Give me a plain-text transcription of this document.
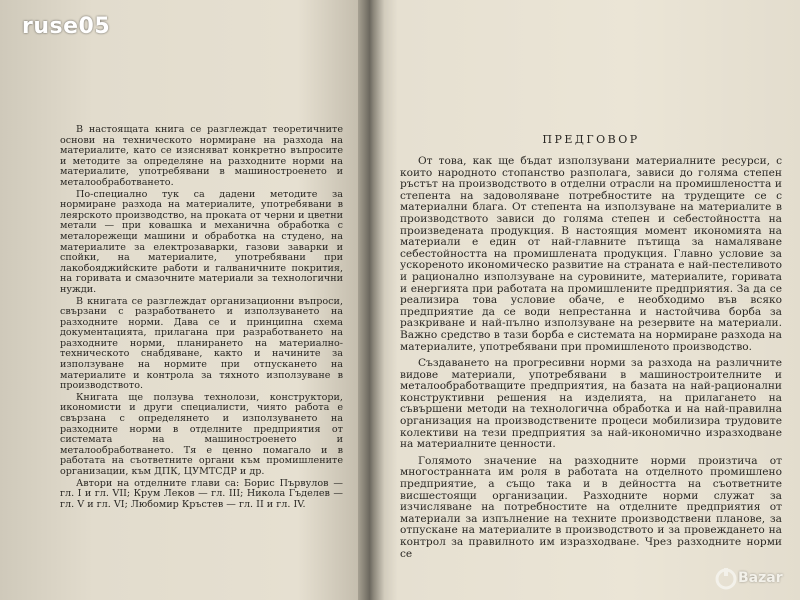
ruse05

В настоящата книга се разглеждат теоретичните основи на техническото нормиране на разхода на материалите, като се изясняват конкретно въпросите и методите за определяне на разходните норми на материалите, употребявани в машиностроенето и металообработването.

По-специално тук са дадени методите за нормиране разхода на материалите, употребявани в леярското производство, на проката от черни и цветни метали — при ковашка и механична обработка с металорежещи машини и обработка на студено, на материалите за електрозаварки, газови заварки и спойки, на материалите, употребявани при лакобояджийските работи и галваничните покрития, на горивата и смазочните материали за технологични нужди.

В книгата се разглеждат организационни въпроси, свързани с разработването и използуването на разходните норми. Дава се и принципна схема документацията, прилагана при разработването на разходните норми, планирането на материално-техническото снабдяване, както и начините за използуване на нормите при отпускането на материалите и контрола за тяхното използуване в производството.

Книгата ще ползува технолози, конструктори, икономисти и други специалисти, чиято работа е свързана с определянето и използуването на разходните норми в отделните предприятия от системата на машиностроенето и металообработването. Тя е ценно помагало и в работата на съответните органи към промишлените организации, към ДПК, ЦУМТСДР и др.

Автори на отделните глави са: Борис Първулов — гл. I и гл. VII; Крум Леков — гл. III; Никола Гъделев — гл. V и гл. VI; Любомир Кръстев — гл. II и гл. IV.

ПРЕДГОВОР

От това, как ще бъдат използувани материалните ресурси, с които народното стопанство разполага, зависи до голяма степен ръстът на производството в отделни отрасли на промишлеността и степента на задоволяване потребностите на трудещите се с материални блага. От степента на използуване на материалите в производството зависи до голяма степен и себестойността на произведената продукция. В настоящия момент икономията на материали е един от най-главните пътища за намаляване себестойността на промишлената продукция. Главно условие за ускореното икономическо развитие на страната е най-пестеливото и рационално използуване на суровините, материалите, горивата и енергията при работата на промишлените предприятия. За да се реализира това условие обаче, е необходимо във всяко предприятие да се води непрестанна и настойчива борба за разкриване и най-пълно използуване на резервите на материали. Важно средство в тази борба е системата на нормиране разхода на материалите, употребявани при промишленото производство.

Създаването на прогресивни норми за разхода на различните видове материали, употребявани в машиностроителните и металообработващите предприятия, на базата на най-рационални конструктивни решения на изделията, на прилагането на съвършени методи на технологична обработка и на най-правилна организация на производствените процеси мобилизира трудовите колективи на тези предприятия за най-икономично изразходване на материалните ценности.

Голямото значение на разходните норми произтича от многостранната им роля в работата на отделното промишлено предприятие, а също така и в дейността на съответните висшестоящи организации. Разходните норми служат за изчисляване на потребностите на отделните предприятия от материали за изпълнение на техните производствени планове, за отпускане на материалите в производството и за провеждането на контрол за правилното им изразходване. Чрез разходните норми се

Bazar
